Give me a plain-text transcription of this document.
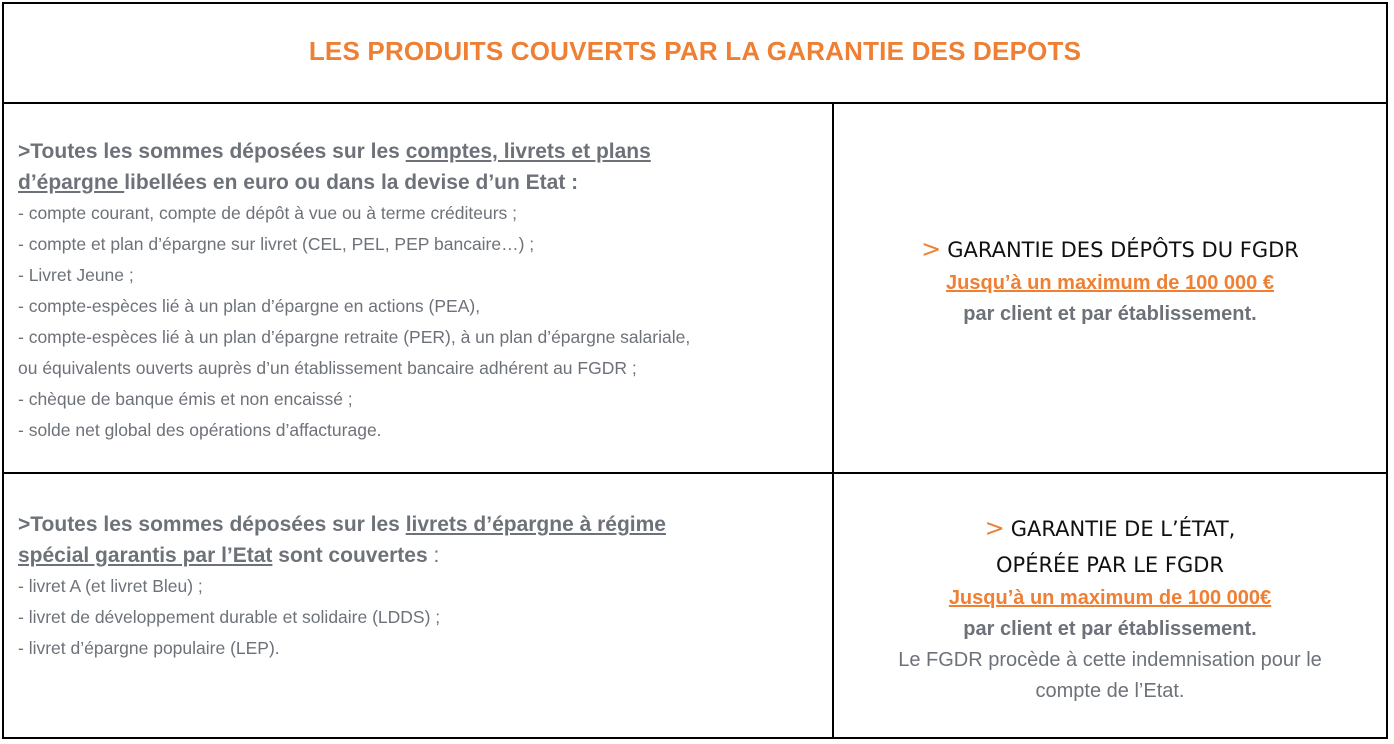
LES PRODUITS COUVERTS PAR LA GARANTIE DES DEPOTS
>Toutes les sommes déposées sur les comptes, livrets et plans
d’épargne libellées en euro ou dans la devise d’un Etat :
- compte courant, compte de dépôt à vue ou à terme créditeurs ;
- compte et plan d’épargne sur livret (CEL, PEL, PEP bancaire…) ;
- Livret Jeune ;
- compte-espèces lié à un plan d’épargne en actions (PEA),
- compte-espèces lié à un plan d’épargne retraite (PER), à un plan d’épargne salariale,
ou équivalents ouverts auprès d’un établissement bancaire adhérent au FGDR ;
- chèque de banque émis et non encaissé ;
- solde net global des opérations d’affacturage.
> GARANTIE DES DÉPÔTS DU FGDR
Jusqu’à un maximum de 100 000 €
par client et par établissement.
>Toutes les sommes déposées sur les livrets d’épargne à régime
spécial garantis par l’Etat sont couvertes :
- livret A (et livret Bleu) ;
- livret de développement durable et solidaire (LDDS) ;
- livret d’épargne populaire (LEP).
> GARANTIE DE L’ÉTAT,
OPÉRÉE PAR LE FGDR
Jusqu’à un maximum de 100 000€
par client et par établissement.
Le FGDR procède à cette indemnisation pour le
compte de l’Etat.
